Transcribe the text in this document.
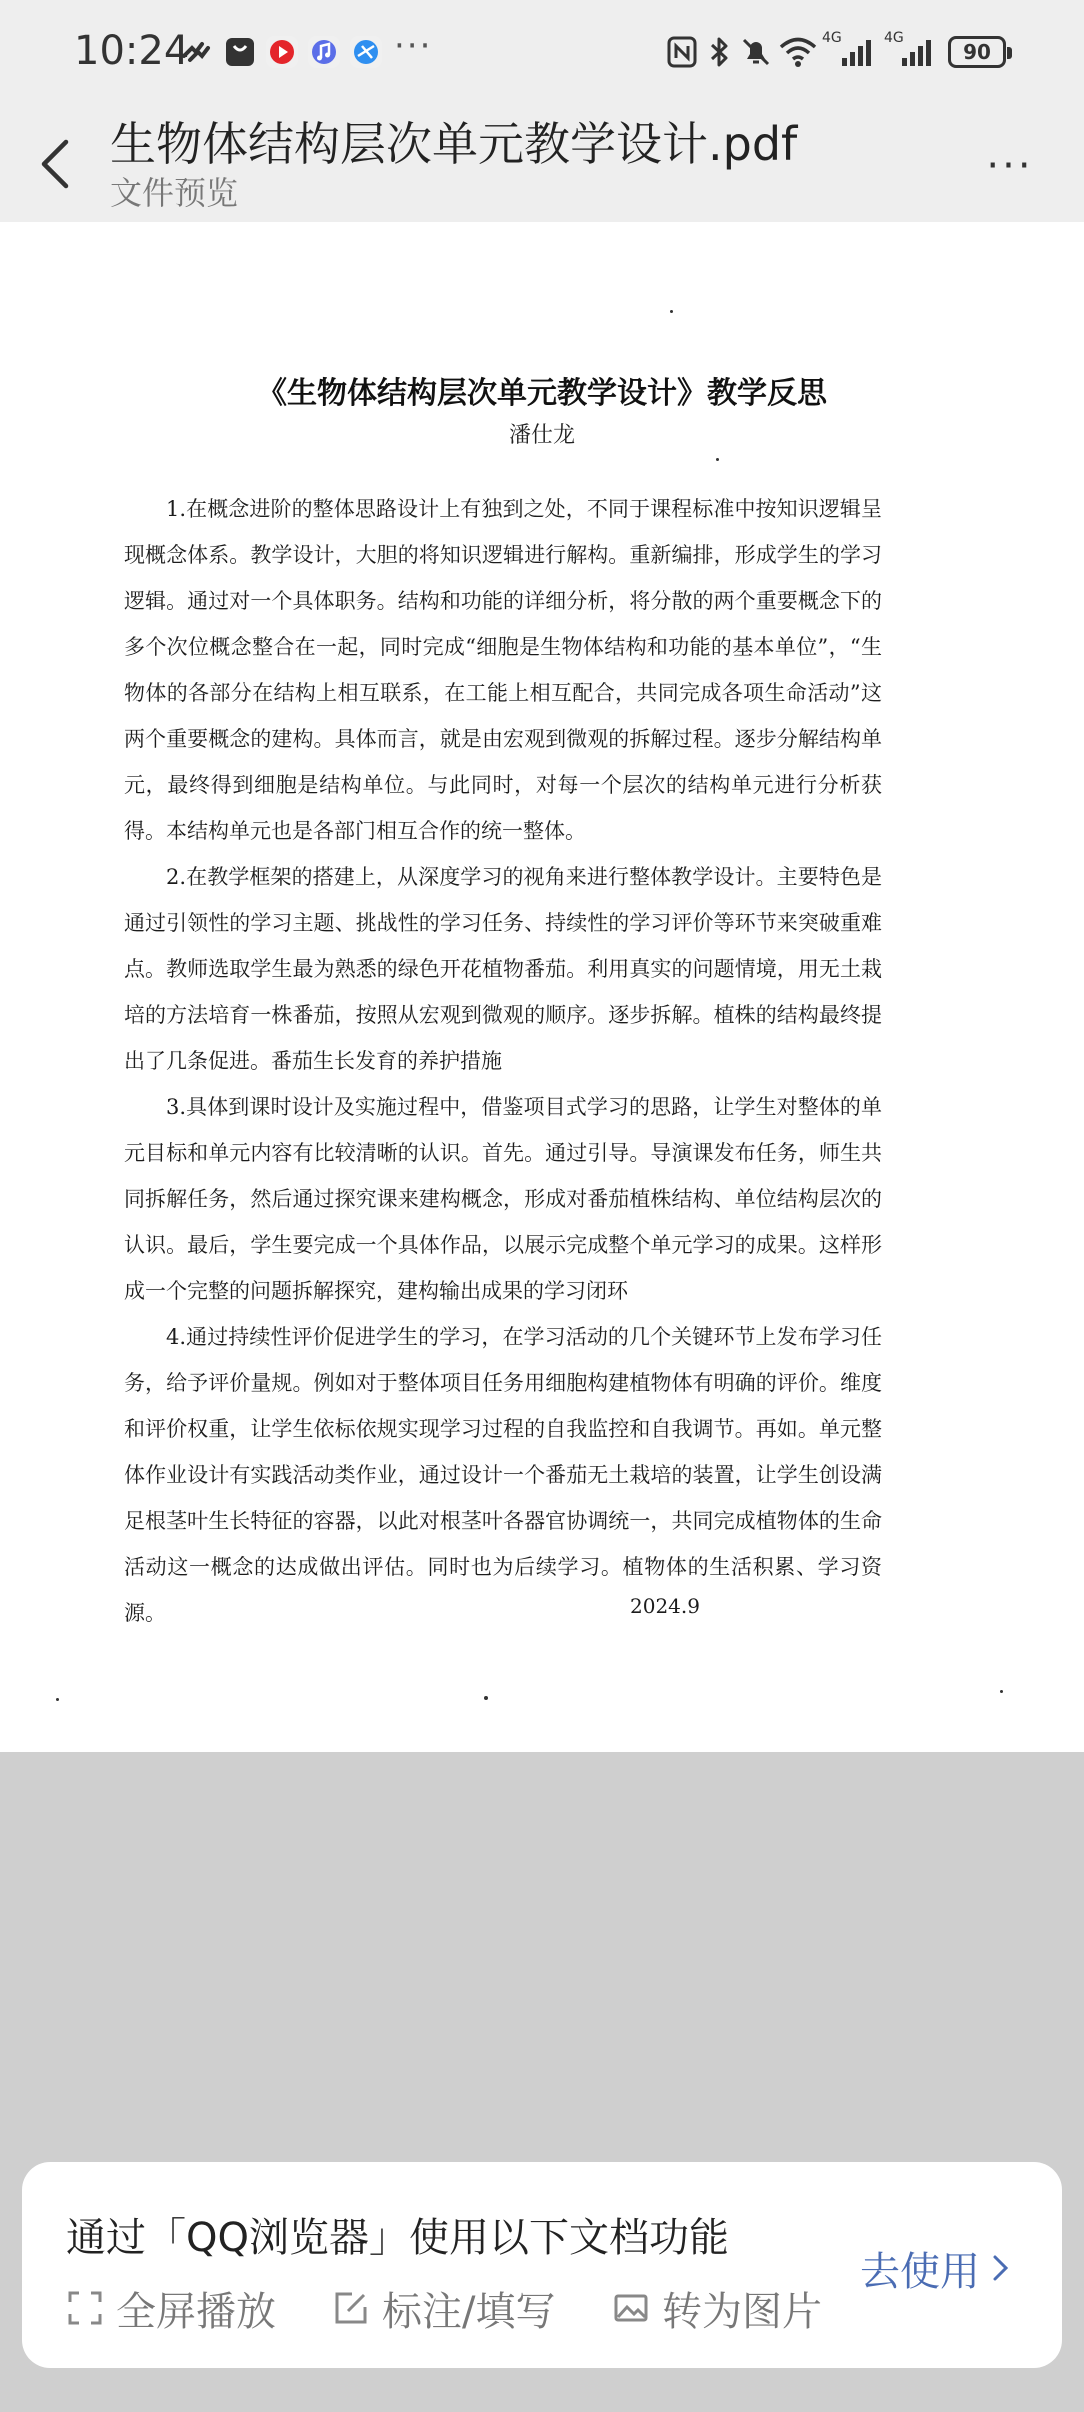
10:24	···	4G	4G
90
生物体结构层次单元教学设计.pdf
文件预览
···
《生物体结构层次单元教学设计》教学反思
潘仕龙

1.在概念进阶的整体思路设计上有独到之处，不同于课程标准中按知识逻辑呈现概念体系。教学设计，大胆的将知识逻辑进行解构。重新编排，形成学生的学习逻辑。通过对一个具体职务。结构和功能的详细分析，将分散的两个重要概念下的多个次位概念整合在一起，同时完成“细胞是生物体结构和功能的基本单位”，“生物体的各部分在结构上相互联系，在工能上相互配合，共同完成各项生命活动”这两个重要概念的建构。具体而言，就是由宏观到微观的拆解过程。逐步分解结构单元，最终得到细胞是结构单位。与此同时，对每一个层次的结构单元进行分析获得。本结构单元也是各部门相互合作的统一整体。

2.在教学框架的搭建上，从深度学习的视角来进行整体教学设计。主要特色是通过引领性的学习主题、挑战性的学习任务、持续性的学习评价等环节来突破重难点。教师选取学生最为熟悉的绿色开花植物番茄。利用真实的问题情境，用无土栽培的方法培育一株番茄，按照从宏观到微观的顺序。逐步拆解。植株的结构最终提出了几条促进。番茄生长发育的养护措施

3.具体到课时设计及实施过程中，借鉴项目式学习的思路，让学生对整体的单元目标和单元内容有比较清晰的认识。首先。通过引导。导演课发布任务，师生共同拆解任务，然后通过探究课来建构概念，形成对番茄植株结构、单位结构层次的认识。最后，学生要完成一个具体作品，以展示完成整个单元学习的成果。这样形成一个完整的问题拆解探究，建构输出成果的学习闭环

4.通过持续性评价促进学生的学习，在学习活动的几个关键环节上发布学习任务，给予评价量规。例如对于整体项目任务用细胞构建植物体有明确的评价。维度和评价权重，让学生依标依规实现学习过程的自我监控和自我调节。再如。单元整体作业设计有实践活动类作业，通过设计一个番茄无土栽培的装置，让学生创设满足根茎叶生长特征的容器，以此对根茎叶各器官协调统一，共同完成植物体的生命活动这一概念的达成做出评估。同时也为后续学习。植物体的生活积累、学习资源。	2024.9
通过「QQ浏览器」使用以下文档功能
全屏播放	标注/填写	转为图片
去使用
